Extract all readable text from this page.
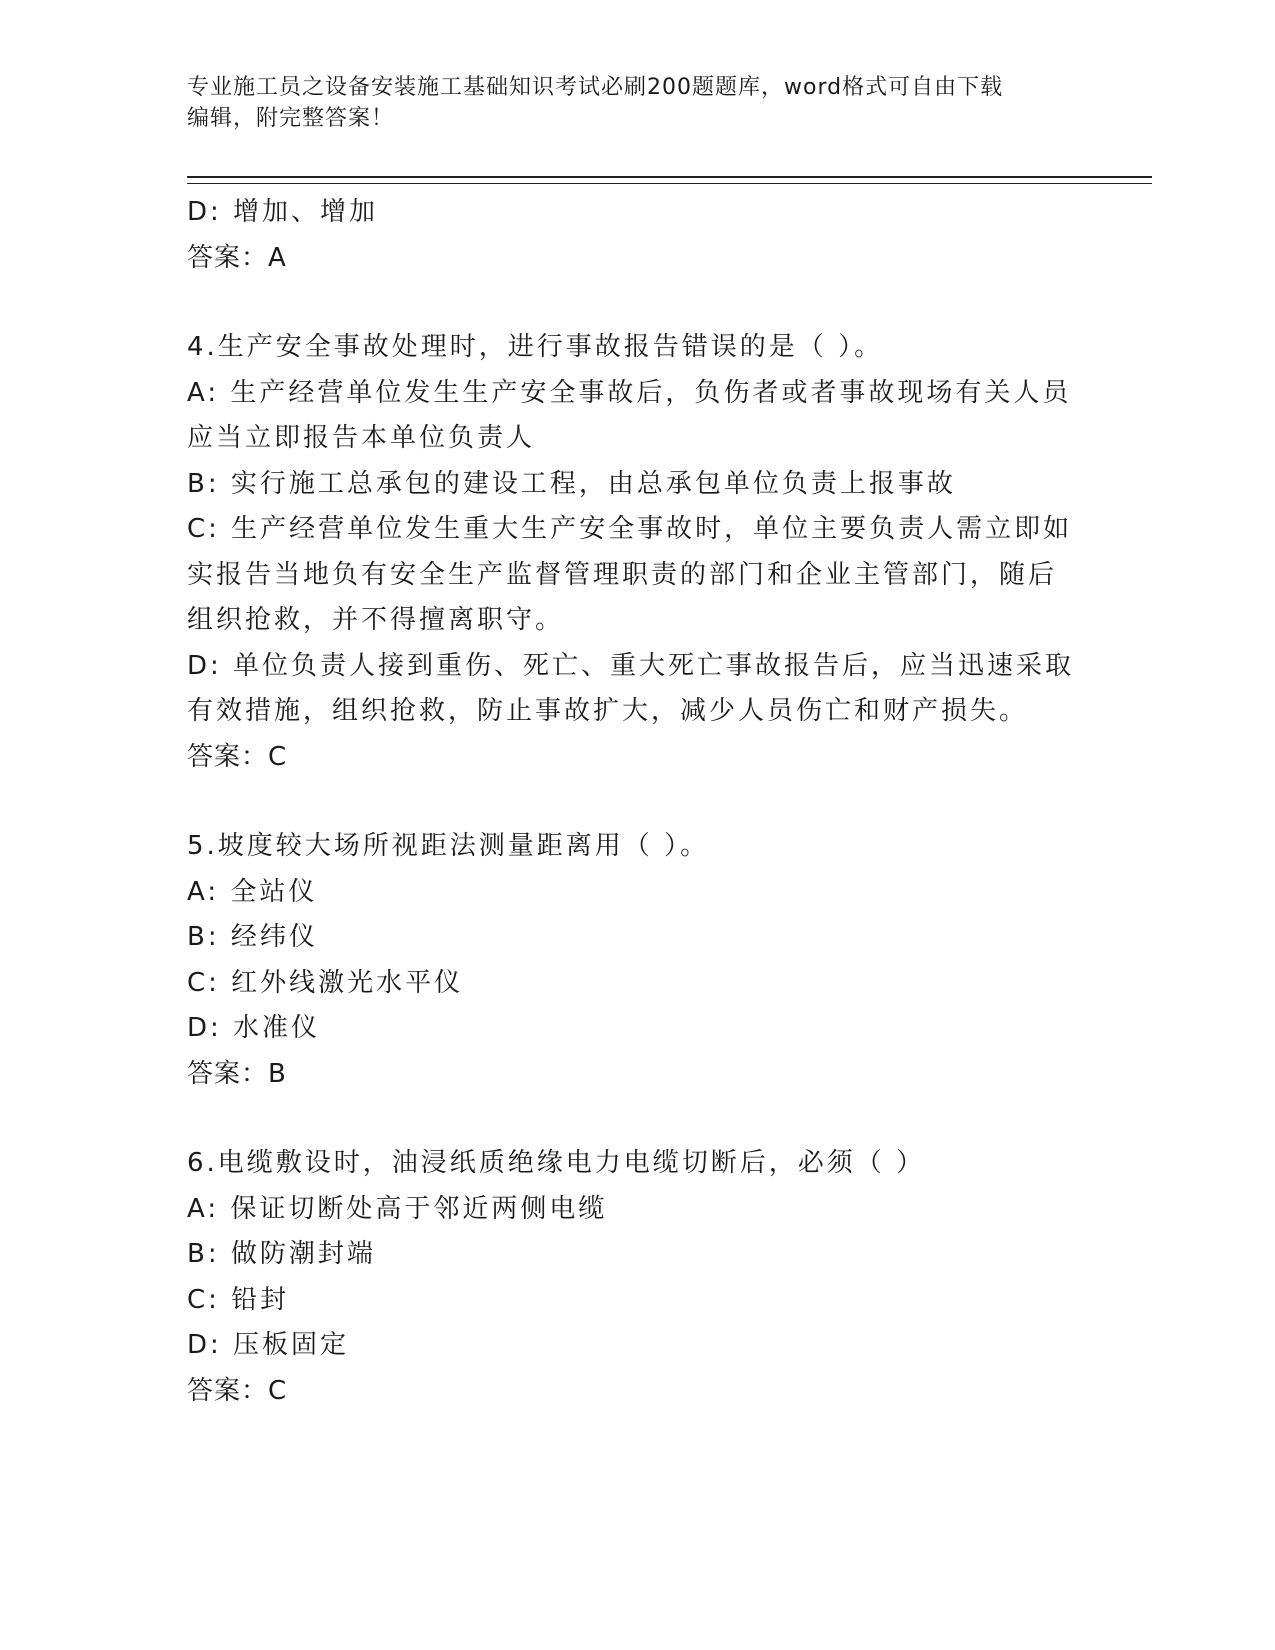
专业施工员之设备安装施工基础知识考试必刷200题题库，word格式可自由下载
编辑，附完整答案！
D: 增加、增加
答案：A
4.生产安全事故处理时，进行事故报告错误的是（ ）。
A: 生产经营单位发生生产安全事故后，负伤者或者事故现场有关人员
应当立即报告本单位负责人
B: 实行施工总承包的建设工程，由总承包单位负责上报事故
C: 生产经营单位发生重大生产安全事故时，单位主要负责人需立即如
实报告当地负有安全生产监督管理职责的部门和企业主管部门，随后
组织抢救，并不得擅离职守。
D: 单位负责人接到重伤、死亡、重大死亡事故报告后，应当迅速采取
有效措施，组织抢救，防止事故扩大，减少人员伤亡和财产损失。
答案：C
5.坡度较大场所视距法测量距离用（ ）。
A: 全站仪
B: 经纬仪
C: 红外线激光水平仪
D: 水准仪
答案：B
6.电缆敷设时，油浸纸质绝缘电力电缆切断后，必须（ ）
A: 保证切断处高于邻近两侧电缆
B: 做防潮封端
C: 铅封
D: 压板固定
答案：C
